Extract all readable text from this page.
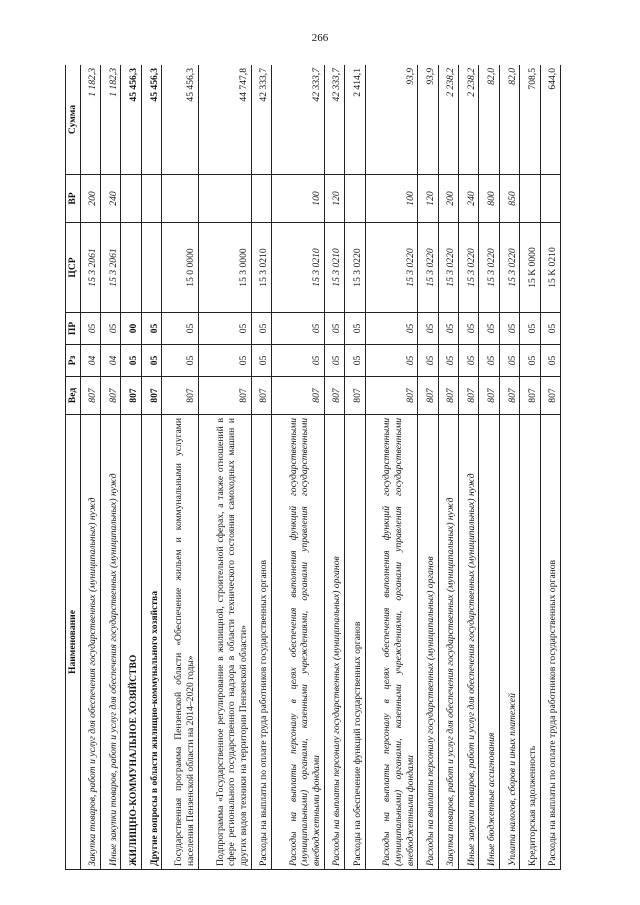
266
Наименование	Вед	Рз	ПР	ЦСР	ВР	Сумма
Закупка товаров, работ и услуг для обеспечения государственных (муниципальных) нужд	807	04	05	15 3 2061	200	1 182,3
Иные закупки товаров, работ и услуг для обеспечения государственных (муниципальных) нужд	807	04	05	15 3 2061	240	1 182,3
ЖИЛИЩНО-КОММУНАЛЬНОЕ ХОЗЯЙСТВО	807	05	00			45 456,3
Другие вопросы в области жилищно-коммунального хозяйства	807	05	05			45 456,3
Государственная программа Пензенской области «Обеспечение жильем и коммунальными услугами населения Пензенской области на 2014–2020 годы»	807	05	05	15 0 0000		45 456,3
Подпрограмма «Государственное регулирование в жилищной, строительной сферах, а также отношений в сфере регионального государственного надзора в области технического состояния самоходных машин и других видов техники на территории Пензенской области»	807	05	05	15 3 0000		44 747,8
Расходы на выплаты по оплате труда работников государственных органов	807	05	05	15 3 0210		42 333,7
Расходы на выплаты персоналу в целях обеспечения выполнения функций государственными (муниципальными) органами, казенными учреждениями, органами управления государственными внебюджетными фондами	807	05	05	15 3 0210	100	42 333,7
Расходы на выплаты персоналу государственных (муниципальных) органов	807	05	05	15 3 0210	120	42 333,7
Расходы на обеспечение функций государственных органов	807	05	05	15 3 0220		2 414,1
Расходы на выплаты персоналу в целях обеспечения выполнения функций государственными (муниципальными) органами, казенными учреждениями, органами управления государственными внебюджетными фондами	807	05	05	15 3 0220	100	93,9
Расходы на выплаты персоналу государственных (муниципальных) органов	807	05	05	15 3 0220	120	93,9
Закупка товаров, работ и услуг для обеспечения государственных (муниципальных) нужд	807	05	05	15 3 0220	200	2 238,2
Иные закупки товаров, работ и услуг для обеспечения государственных (муниципальных) нужд	807	05	05	15 3 0220	240	2 238,2
Иные бюджетные ассигнования	807	05	05	15 3 0220	800	82,0
Уплата налогов, сборов и иных платежей	807	05	05	15 3 0220	850	82,0
Кредиторская задолженность	807	05	05	15 K 0000		708,5
Расходы на выплаты по оплате труда работников государственных органов	807	05	05	15 K 0210		644,0
